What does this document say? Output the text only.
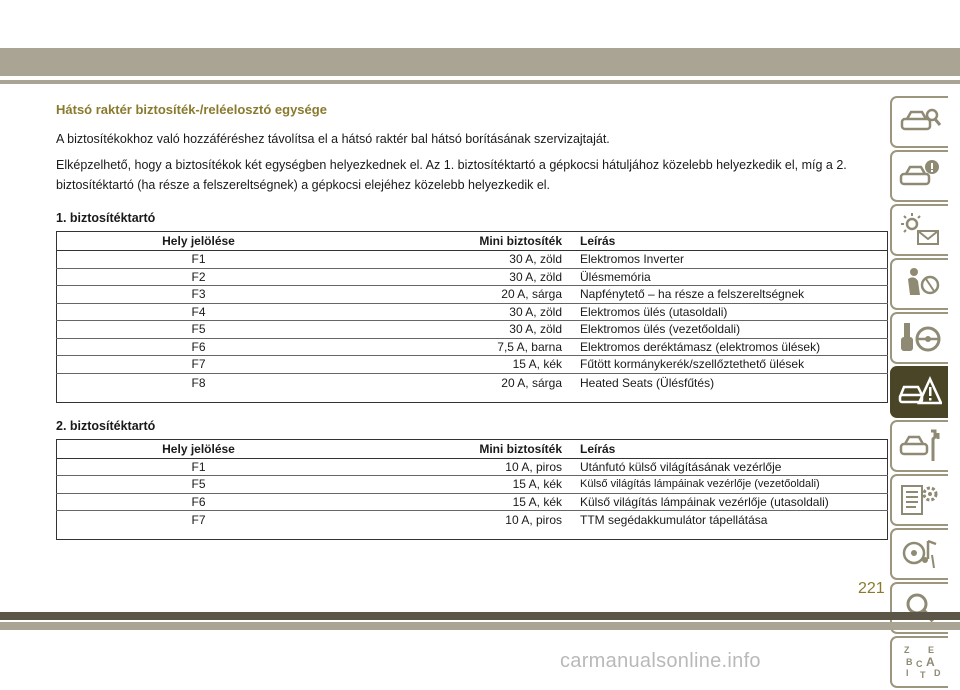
Hátsó raktér biztosíték-/reléelosztó egysége

A biztosítékokhoz való hozzáféréshez távolítsa el a hátsó raktér bal hátsó borításának szervizajtaját.

Elképzelhető, hogy a biztosítékok két egységben helyezkednek el. Az 1. biztosítéktartó a gépkocsi hátuljához közelebb helyezkedik el, míg a 2. biztosítéktartó (ha része a felszereltségnek) a gépkocsi elejéhez közelebb helyezkedik el.

1. biztosítéktartó
Hely jelölése	Mini biztosíték	Leírás
F1	30 A, zöld	Elektromos Inverter
F2	30 A, zöld	Ülésmemória
F3	20 A, sárga	Napfénytető – ha része a felszereltségnek
F4	30 A, zöld	Elektromos ülés (utasoldali)
F5	30 A, zöld	Elektromos ülés (vezetőoldali)
F6	7,5 A, barna	Elektromos deréktámasz (elektromos ülések)
F7	15 A, kék	Fűtött kormánykerék/szellőztethető ülések
F8	20 A, sárga	Heated Seats (Ülésfűtés)
2. biztosítéktartó
Hely jelölése	Mini biztosíték	Leírás
F1	10 A, piros	Utánfutó külső világításának vezérlője
F5	15 A, kék	Külső világítás lámpáinak vezérlője (vezetőoldali)
F6	15 A, kék	Külső világítás lámpáinak vezérlője (utasoldali)
F7	10 A, piros	TTM segédakkumulátor tápellátása
Z E
B A
C
D
I T
221
carmanualsonline.info
